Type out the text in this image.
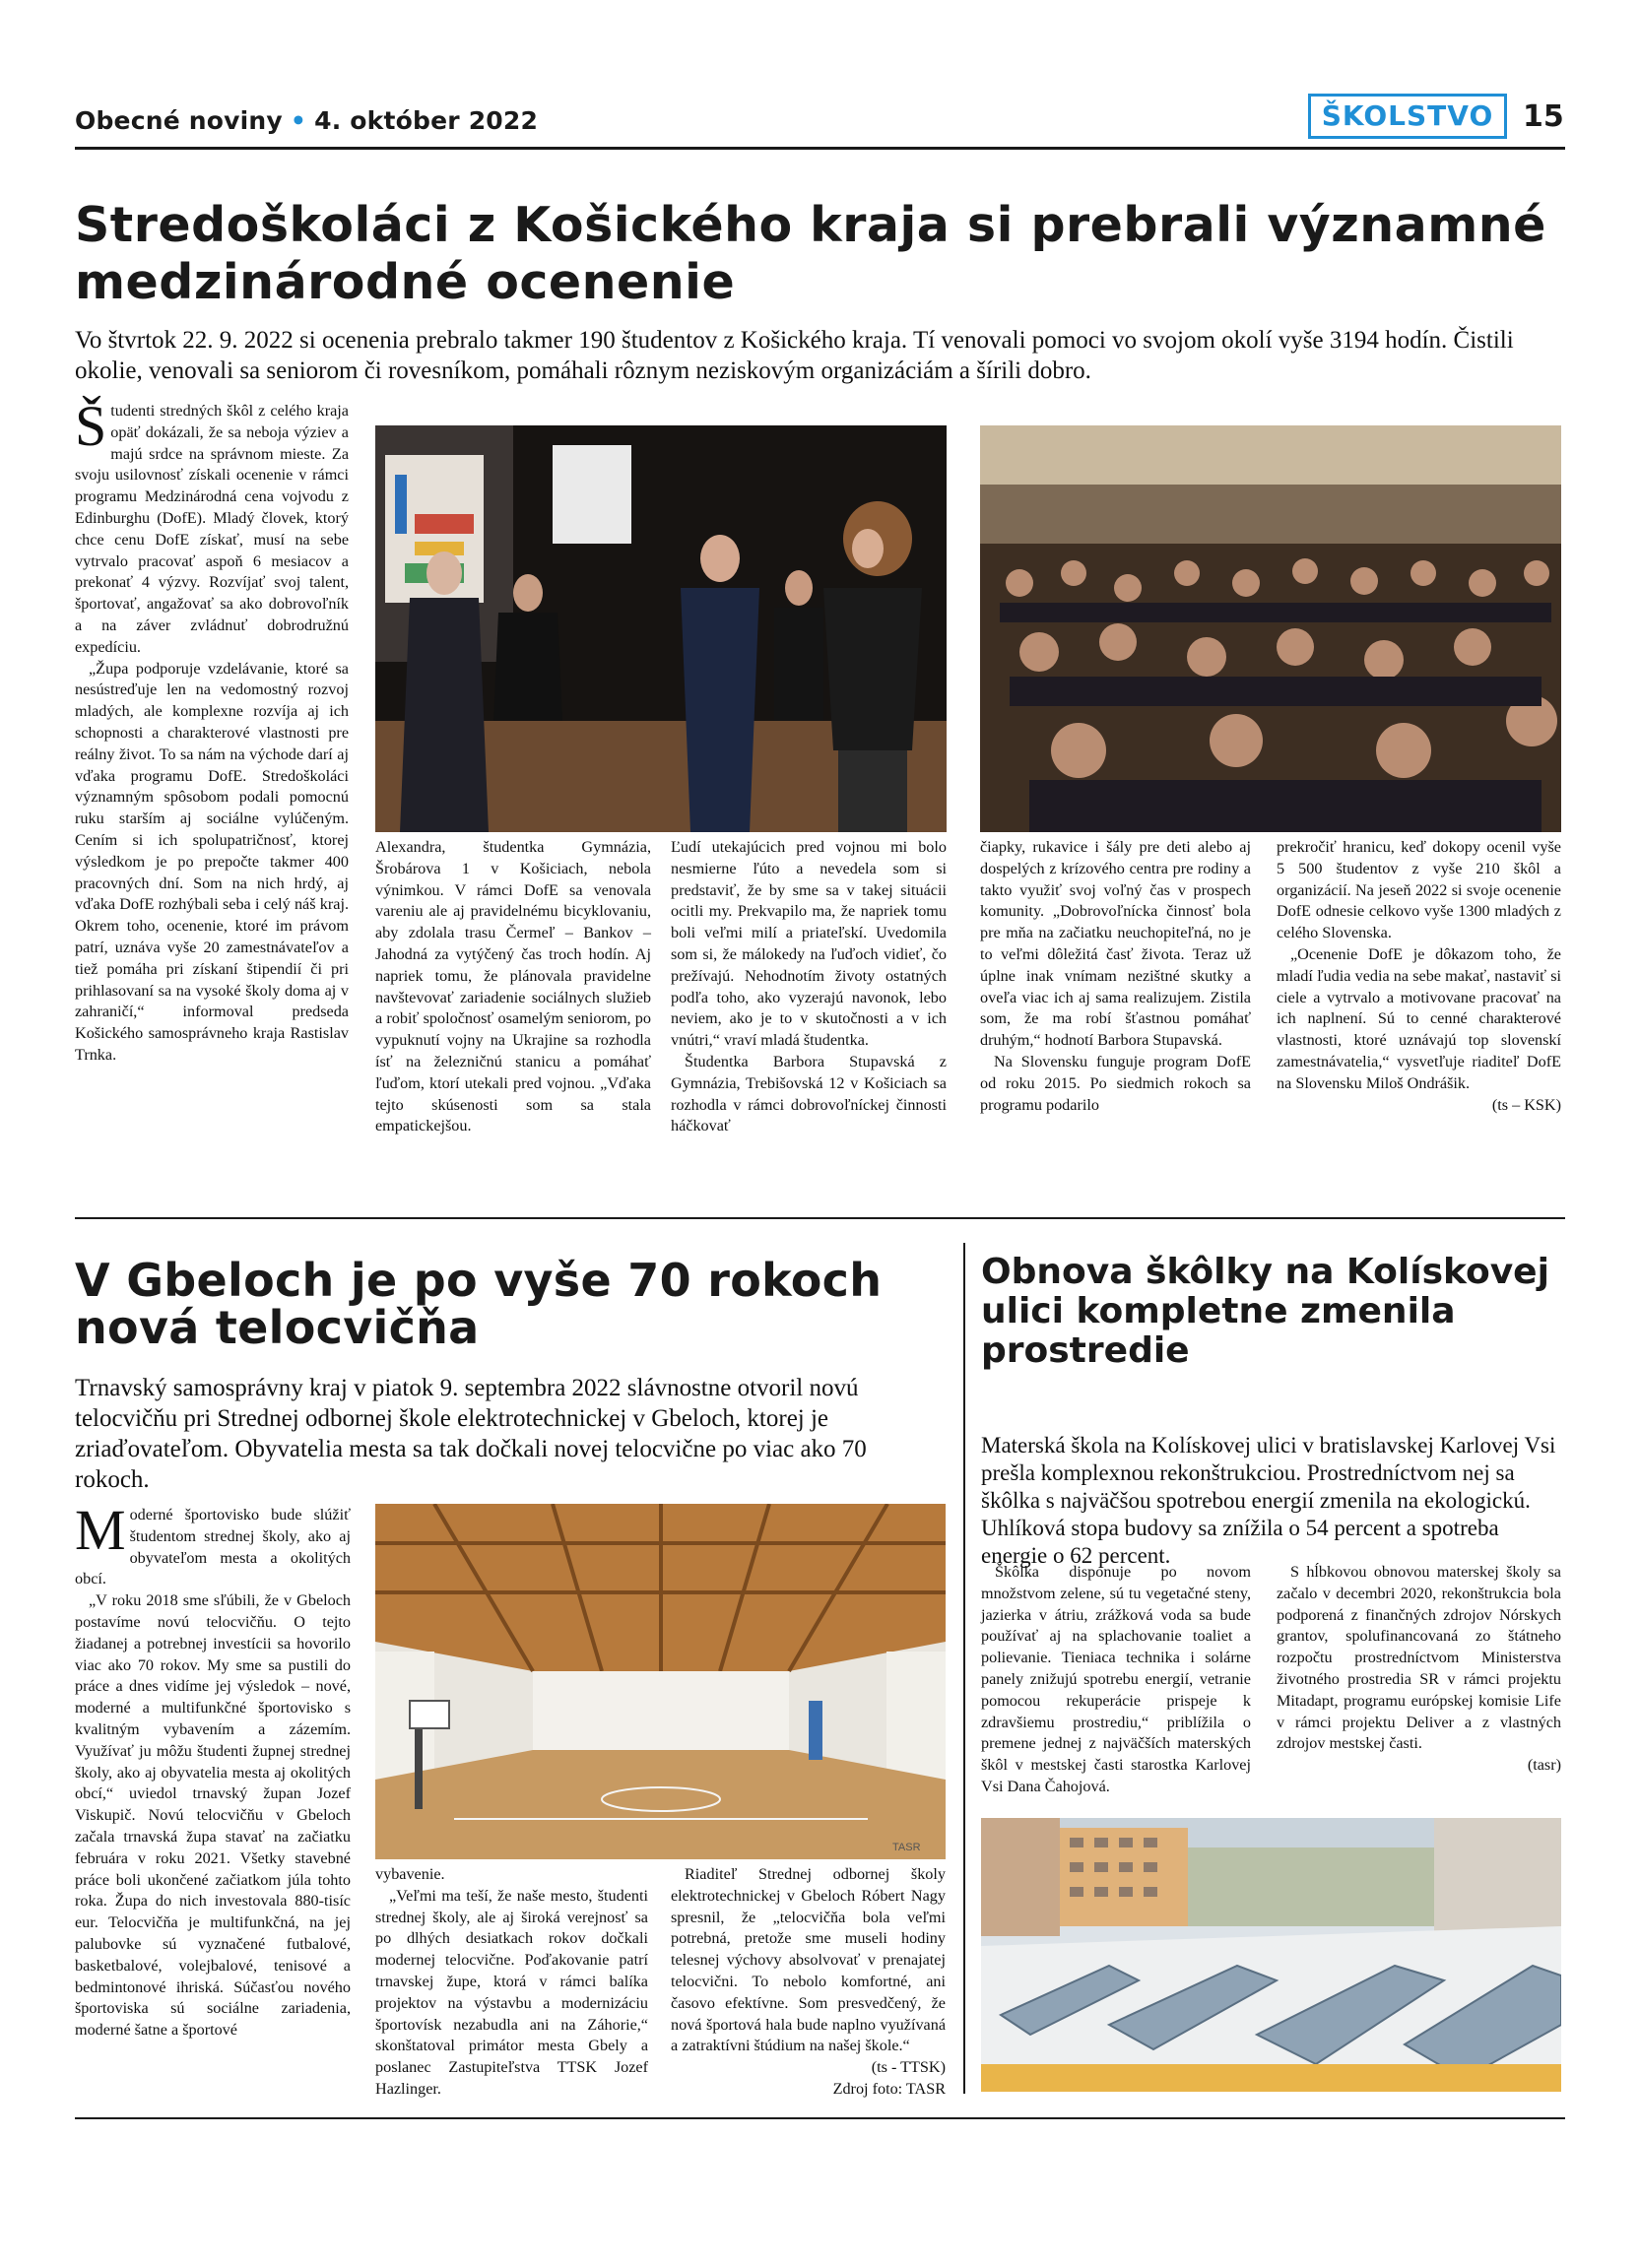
Obecné noviny • 4. október 2022	ŠKOLSTVO 15
Stredoškoláci z Košického kraja si prebrali významné medzinárodné ocenenie
Vo štvrtok 22. 9. 2022 si ocenenia prebralo takmer 190 študentov z Košického kraja. Tí venovali pomoci vo svojom okolí vyše 3194 hodín. Čistili okolie, venovali sa seniorom či rovesníkom, pomáhali rôznym neziskovým organizáciám a šírili dobro.

Študenti stredných škôl z celého kraja opäť dokázali, že sa neboja výziev a majú srdce na správnom mieste. Za svoju usilovnosť získali ocenenie v rámci programu Medzinárodná cena vojvodu z Edinburghu (DofE). Mladý človek, ktorý chce cenu DofE získať, musí na sebe vytrvalo pracovať aspoň 6 mesiacov a prekonať 4 výzvy. Rozvíjať svoj talent, športovať, angažovať sa ako dobrovoľník a na záver zvládnuť dobrodružnú expedíciu.

„Župa podporuje vzdelávanie, ktoré sa nesústreďuje len na vedomostný rozvoj mladých, ale komplexne rozvíja aj ich schopnosti a charakterové vlastnosti pre reálny život. To sa nám na východe darí aj vďaka programu DofE. Stredoškoláci významným spôsobom podali pomocnú ruku starším aj sociálne vylúčeným. Cením si ich spolupatričnosť, ktorej výsledkom je po prepočte takmer 400 pracovných dní. Som na nich hrdý, aj vďaka DofE rozhýbali seba i celý náš kraj. Okrem toho, ocenenie, ktoré im právom patrí, uznáva vyše 20 zamestnávateľov a tiež pomáha pri získaní štipendií či pri prihlasovaní sa na vysoké školy doma aj v zahraničí,“ informoval predseda Košického samosprávneho kraja Rastislav Trnka.

Alexandra, študentka Gymnázia, Šrobárova 1 v Košiciach, nebola výnimkou. V rámci DofE sa venovala vareniu ale aj pravidelnému bicyklovaniu, aby zdolala trasu Čermeľ – Bankov – Jahodná za vytýčený čas troch hodín. Aj napriek tomu, že plánovala pravidelne navštevovať zariadenie sociálnych služieb a robiť spoločnosť osamelým seniorom, po vypuknutí vojny na Ukrajine sa rozhodla ísť na železničnú stanicu a pomáhať ľuďom, ktorí utekali pred vojnou. „Vďaka tejto skúsenosti som sa stala empatickejšou.

Ľudí utekajúcich pred vojnou mi bolo nesmierne ľúto a nevedela som si predstaviť, že by sme sa v takej situácii ocitli my. Prekvapilo ma, že napriek tomu boli veľmi milí a priateľskí. Uvedomila som si, že málokedy na ľuďoch vidieť, čo prežívajú. Nehodnotím životy ostatných podľa toho, ako vyzerajú navonok, lebo neviem, ako je to v skutočnosti a v ich vnútri,“ vraví mladá študentka.

Študentka Barbora Stupavská z Gymnázia, Trebišovská 12 v Košiciach sa rozhodla v rámci dobrovoľníckej činnosti háčkovať

čiapky, rukavice i šály pre deti alebo aj dospelých z krízového centra pre rodiny a takto využiť svoj voľný čas v prospech komunity. „Dobrovoľnícka činnosť bola pre mňa na začiatku neuchopiteľná, no je to veľmi dôležitá časť života. Teraz už úplne inak vnímam nezištné skutky a oveľa viac ich aj sama realizujem. Zistila som, že ma robí šťastnou pomáhať druhým,“ hodnotí Barbora Stupavská.

Na Slovensku funguje program DofE od roku 2015. Po siedmich rokoch sa programu podarilo

prekročiť hranicu, keď dokopy ocenil vyše 5 500 študentov z vyše 210 škôl a organizácií. Na jeseň 2022 si svoje ocenenie DofE odnesie celkovo vyše 1300 mladých z celého Slovenska.

„Ocenenie DofE je dôkazom toho, že mladí ľudia vedia na sebe makať, nastaviť si ciele a vytrvalo a motivovane pracovať na ich naplnení. Sú to cenné charakterové vlastnosti, ktoré uznávajú top slovenskí zamestnávatelia,“ vysvetľuje riaditeľ DofE na Slovensku Miloš Ondrášik.

(ts – KSK)
V Gbeloch je po vyše 70 rokoch nová telocvičňa
Trnavský samosprávny kraj v piatok 9. septembra 2022 slávnostne otvoril novú telocvičňu pri Strednej odbornej škole elektrotechnickej v Gbeloch, ktorej je zriaďovateľom. Obyvatelia mesta sa tak dočkali novej telocvične po viac ako 70 rokoch.

Moderné športovisko bude slúžiť študentom strednej školy, ako aj obyvateľom mesta a okolitých obcí.

„V roku 2018 sme sľúbili, že v Gbeloch postavíme novú telocvičňu. O tejto žiadanej a potrebnej investícii sa hovorilo viac ako 70 rokov. My sme sa pustili do práce a dnes vidíme jej výsledok – nové, moderné a multifunkčné športovisko s kvalitným vybavením a zázemím. Využívať ju môžu študenti župnej strednej školy, ako aj obyvatelia mesta aj okolitých obcí,“ uviedol trnavský župan Jozef Viskupič. Novú telocvičňu v Gbeloch začala trnavská župa stavať na začiatku februára v roku 2021. Všetky stavebné práce boli ukončené začiatkom júla tohto roka. Župa do nich investovala 880-tisíc eur. Telocvičňa je multifunkčná, na jej palubovke sú vyznačené futbalové, basketbalové, volejbalové, tenisové a bedmintonové ihriská. Súčasťou nového športoviska sú sociálne zariadenia, moderné šatne a športové

TASR

vybavenie.

„Veľmi ma teší, že naše mesto, študenti strednej školy, ale aj široká verejnosť sa po dlhých desiatkach rokov dočkali modernej telocvične. Poďakovanie patrí trnavskej župe, ktorá v rámci balíka projektov na výstavbu a modernizáciu športovísk nezabudla ani na Záhorie,“ skonštatoval primátor mesta Gbely a poslanec Zastupiteľstva TTSK Jozef Hazlinger.

Riaditeľ Strednej odbornej školy elektrotechnickej v Gbeloch Róbert Nagy spresnil, že „telocvičňa bola veľmi potrebná, pretože sme museli hodiny telesnej výchovy absolvovať v prenajatej telocvični. To nebolo komfortné, ani časovo efektívne. Som presvedčený, že nová športová hala bude naplno využívaná a zatraktívni štúdium na našej škole.“

(ts - TTSK)
Zdroj foto: TASR
Obnova škôlky na Kolískovej ulici kompletne zmenila prostredie
Materská škola na Kolískovej ulici v bratislavskej Karlovej Vsi prešla komplexnou rekonštrukciou. Prostredníctvom nej sa škôlka s najväčšou spotrebou energií zmenila na ekologickú. Uhlíková stopa budovy sa znížila o 54 percent a spotreba energie o 62 percent.

Škôlka disponuje po novom množstvom zelene, sú tu vegetačné steny, jazierka v átriu, zrážková voda sa bude používať aj na splachovanie toaliet a polievanie. Tieniaca technika i solárne panely znižujú spotrebu energií, vetranie pomocou rekuperácie prispeje k zdravšiemu prostrediu,“ priblížila o premene jednej z najväčších materských škôl v mestskej časti starostka Karlovej Vsi Dana Čahojová.

S hĺbkovou obnovou materskej školy sa začalo v decembri 2020, rekonštrukcia bola podporená z finančných zdrojov Nórskych grantov, spolufinancovaná zo štátneho rozpočtu prostredníctvom Ministerstva životného prostredia SR v rámci projektu Mitadapt, programu európskej komisie Life v rámci projektu Deliver a z vlastných zdrojov mestskej časti.

(tasr)
